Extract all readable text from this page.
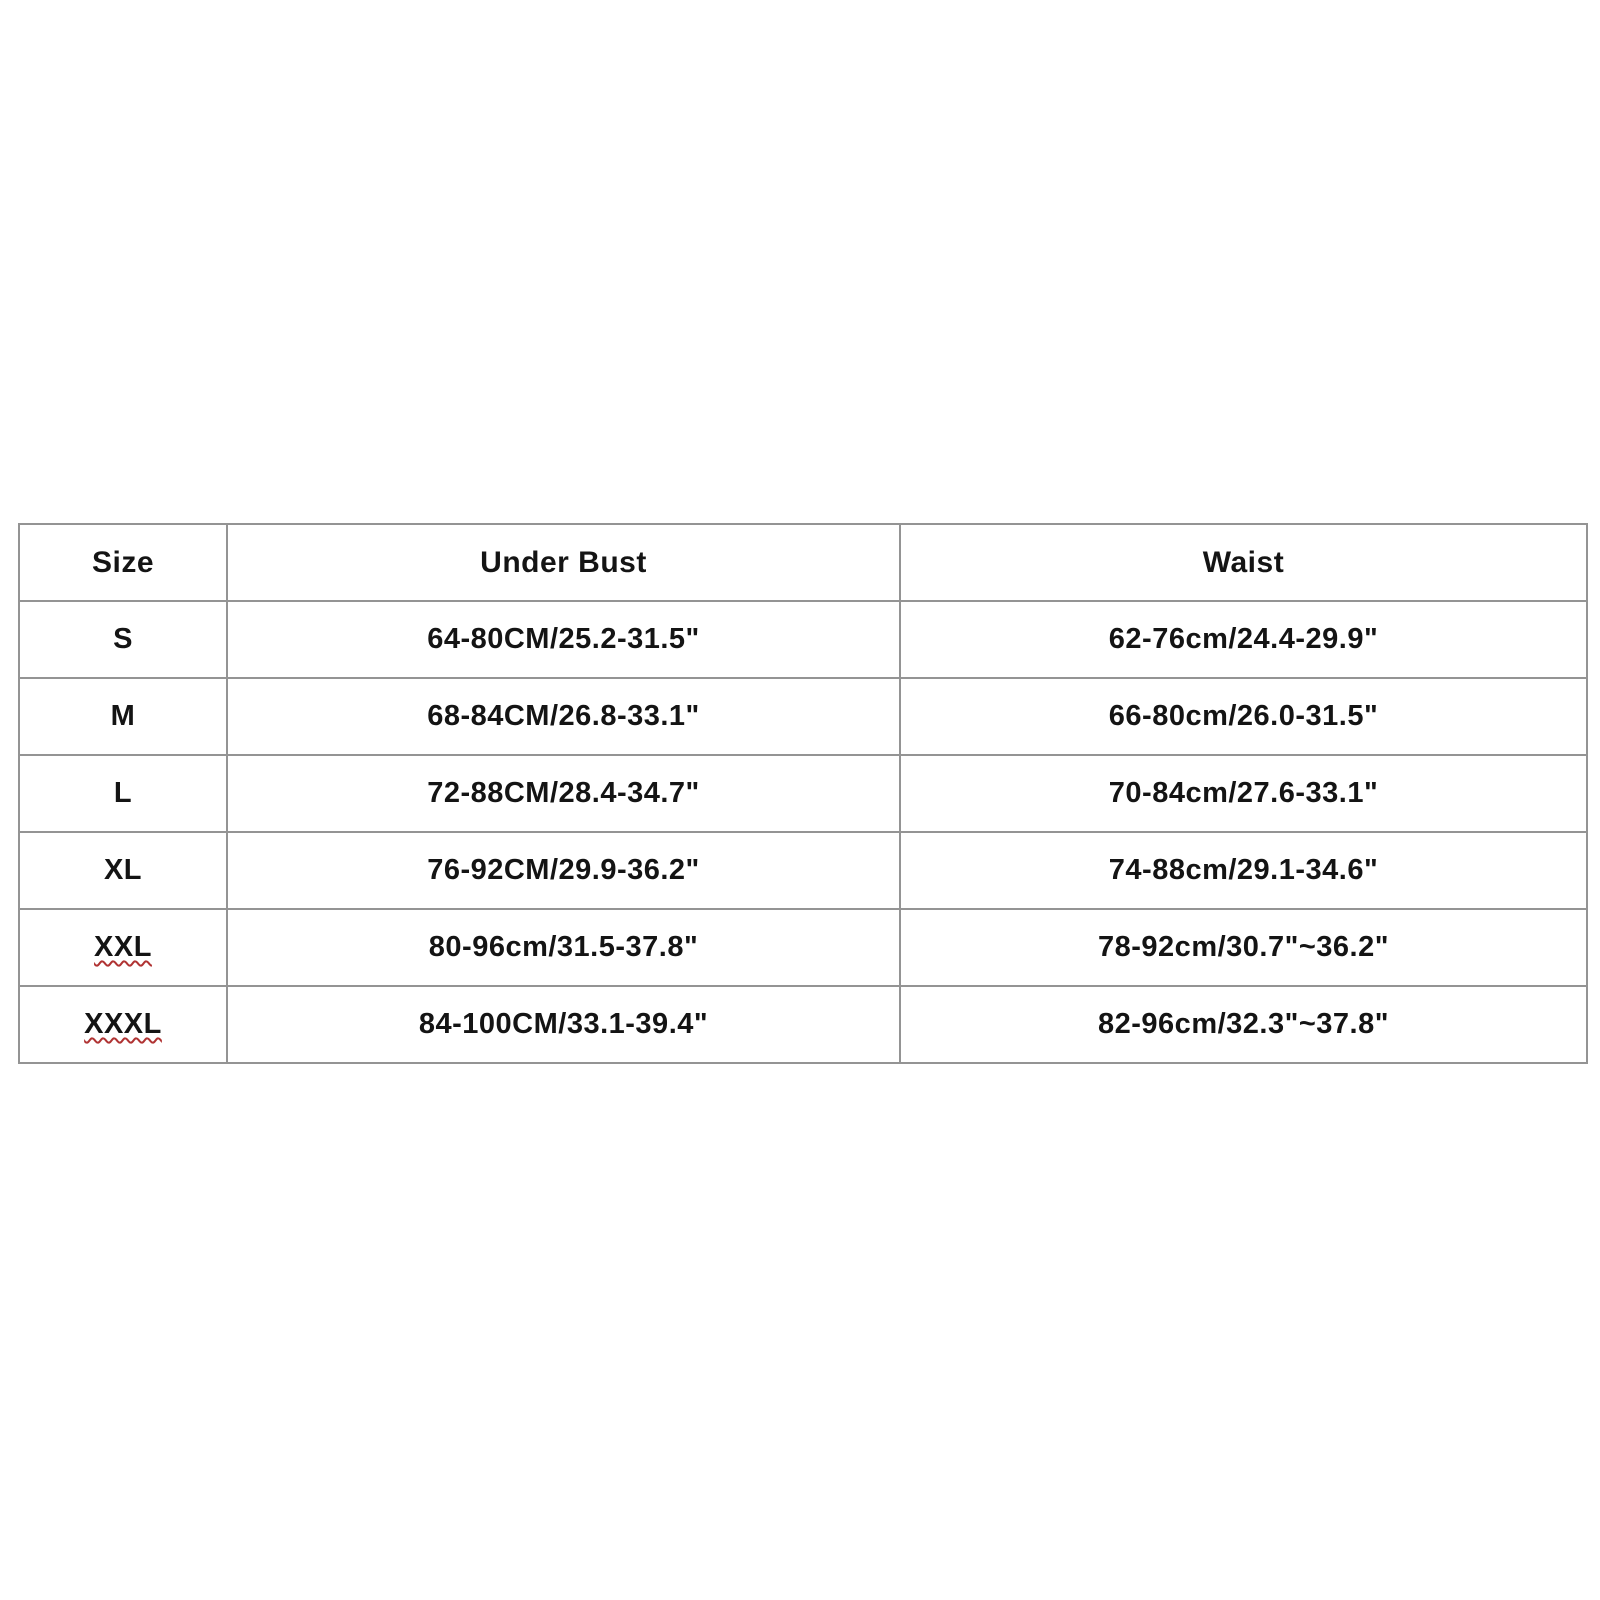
Size	Under Bust	Waist
S	64-80CM/25.2-31.5"	62-76cm/24.4-29.9"
M	68-84CM/26.8-33.1"	66-80cm/26.0-31.5"
L	72-88CM/28.4-34.7"	70-84cm/27.6-33.1"
XL	76-92CM/29.9-36.2"	74-88cm/29.1-34.6"
XXL	80-96cm/31.5-37.8"	78-92cm/30.7"~36.2"
XXXL	84-100CM/33.1-39.4"	82-96cm/32.3"~37.8"
